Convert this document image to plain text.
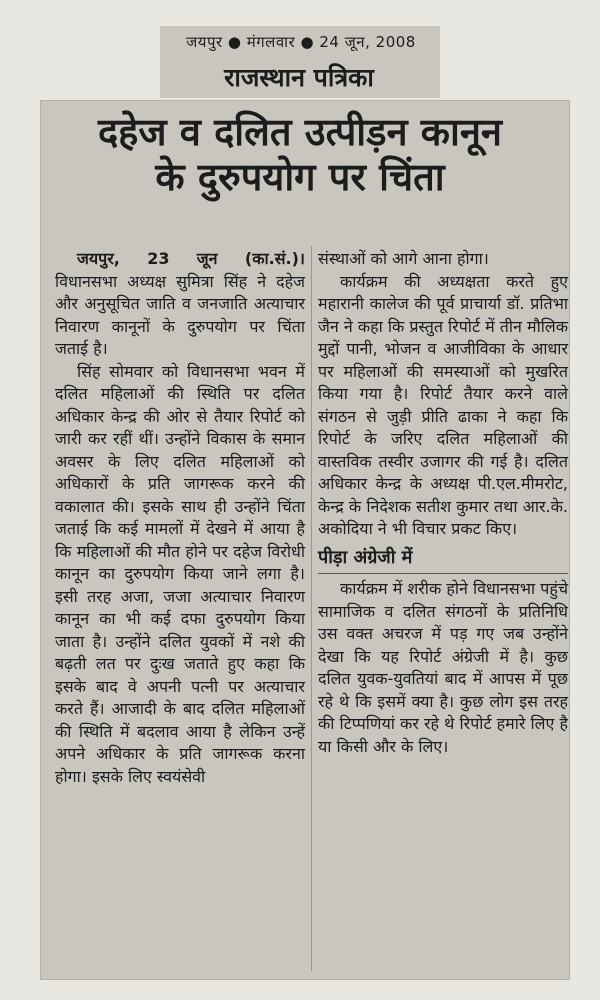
जयपुर ● मंगलवार ● 24 जून, 2008
राजस्थान पत्रिका
दहेज व दलित उत्पीड़न कानून
के दुरुपयोग पर चिंता

जयपुर, 23 जून (का.सं.)। विधानसभा अध्यक्ष सुमित्रा सिंह ने दहेज और अनुसूचित जाति व जनजाति अत्याचार निवारण कानूनों के दुरुपयोग पर चिंता जताई है।

सिंह सोमवार को विधानसभा भवन में दलित महिलाओं की स्थिति पर दलित अधिकार केन्द्र की ओर से तैयार रिपोर्ट को जारी कर रहीं थीं। उन्होंने विकास के समान अवसर के लिए दलित महिलाओं को अधिकारों के प्रति जागरूक करने की वकालात की। इसके साथ ही उन्होंने चिंता जताई कि कई मामलों में देखने में आया है कि महिलाओं की मौत होने पर दहेज विरोधी कानून का दुरुपयोग किया जाने लगा है। इसी तरह अजा, जजा अत्याचार निवारण कानून का भी कई दफा दुरुपयोग किया जाता है। उन्होंने दलित युवकों में नशे की बढ़ती लत पर दुःख जताते हुए कहा कि इसके बाद वे अपनी पत्नी पर अत्याचार करते हैं। आजादी के बाद दलित महिलाओं की स्थिति में बदलाव आया है लेकिन उन्हें अपने अधिकार के प्रति जागरूक करना होगा। इसके लिए स्वयंसेवी

संस्थाओं को आगे आना होगा।

कार्यक्रम की अध्यक्षता करते हुए महारानी कालेज की पूर्व प्राचार्या डॉ. प्रतिभा जैन ने कहा कि प्रस्तुत रिपोर्ट में तीन मौलिक मुद्दों पानी, भोजन व आजीविका के आधार पर महिलाओं की समस्याओं को मुखरित किया गया है। रिपोर्ट तैयार करने वाले संगठन से जुड़ी प्रीति ढाका ने कहा कि रिपोर्ट के जरिए दलित महिलाओं की वास्तविक तस्वीर उजागर की गई है। दलित अधिकार केन्द्र के अध्यक्ष पी.एल.मीमरोट, केन्द्र के निदेशक सतीश कुमार तथा आर.के. अकोदिया ने भी विचार प्रकट किए।

पीड़ा अंग्रेजी में

कार्यक्रम में शरीक होने विधानसभा पहुंचे सामाजिक व दलित संगठनों के प्रतिनिधि उस वक्त अचरज में पड़ गए जब उन्होंने देखा कि यह रिपोर्ट अंग्रेजी में है। कुछ दलित युवक-युवतियां बाद में आपस में पूछ रहे थे कि इसमें क्या है। कुछ लोग इस तरह की टिप्पणियां कर रहे थे रिपोर्ट हमारे लिए है या किसी और के लिए।
